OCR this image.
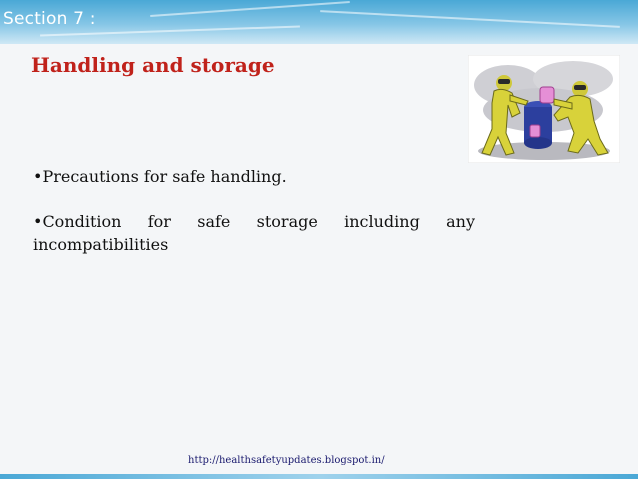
Section 7 :
Handling and storage
•Precautions for safe handling.
•Condition for safe storage including any incompatibilities
http://healthsafetyupdates.blogspot.in/
